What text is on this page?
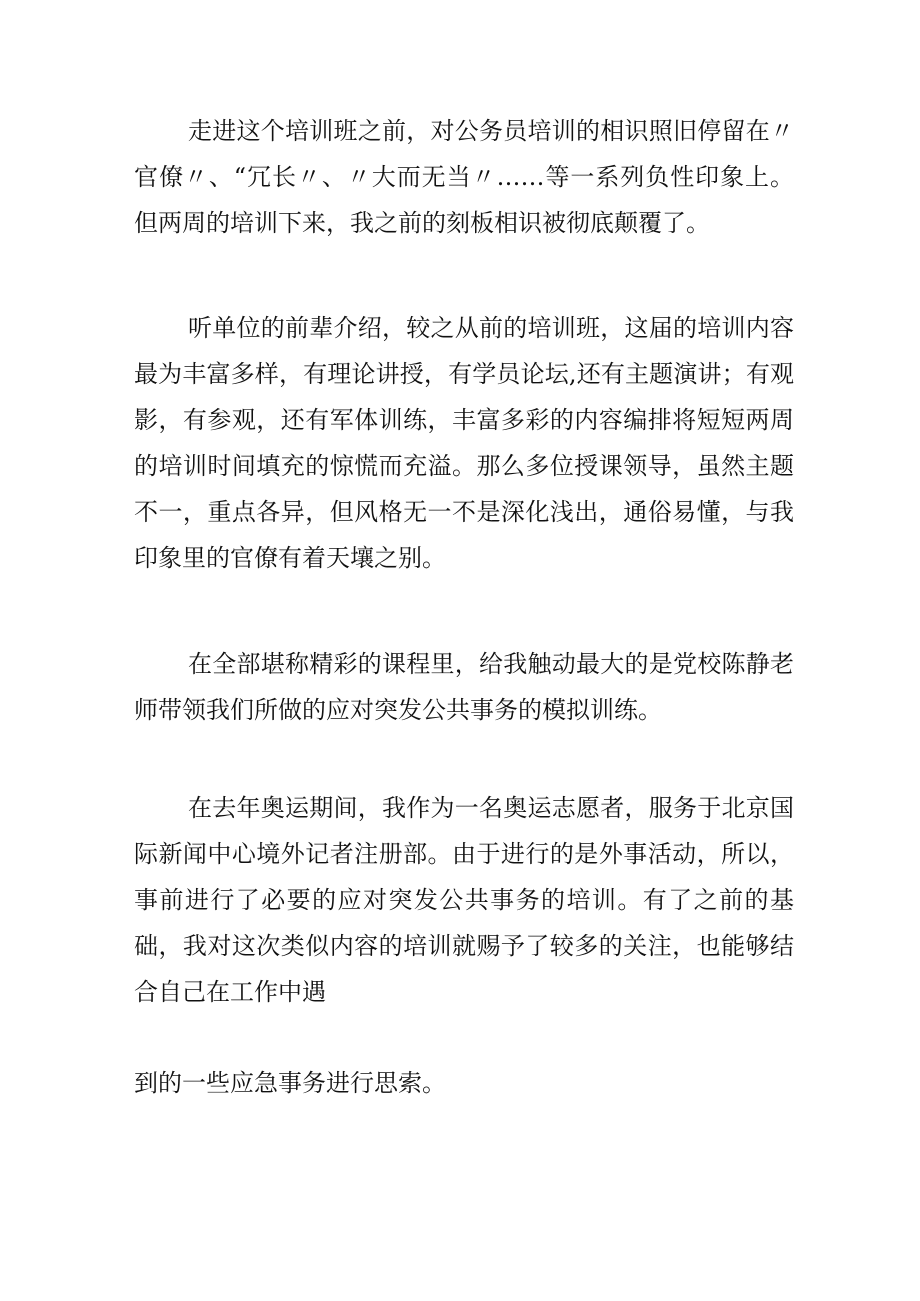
走进这个培训班之前，对公务员培训的相识照旧停留在〃官僚〃、“冗长〃、〃大而无当〃……等一系列负性印象上。但两周的培训下来，我之前的刻板相识被彻底颠覆了。

听单位的前辈介绍，较之从前的培训班，这届的培训内容最为丰富多样，有理论讲授，有学员论坛,还有主题演讲；有观影，有参观，还有军体训练，丰富多彩的内容编排将短短两周的培训时间填充的惊慌而充溢。那么多位授课领导，虽然主题不一，重点各异，但风格无一不是深化浅出，通俗易懂，与我印象里的官僚有着天壤之别。

在全部堪称精彩的课程里，给我触动最大的是党校陈静老师带领我们所做的应对突发公共事务的模拟训练。

在去年奥运期间，我作为一名奥运志愿者，服务于北京国际新闻中心境外记者注册部。由于进行的是外事活动，所以，事前进行了必要的应对突发公共事务的培训。有了之前的基础，我对这次类似内容的培训就赐予了较多的关注，也能够结合自己在工作中遇

到的一些应急事务进行思索。
